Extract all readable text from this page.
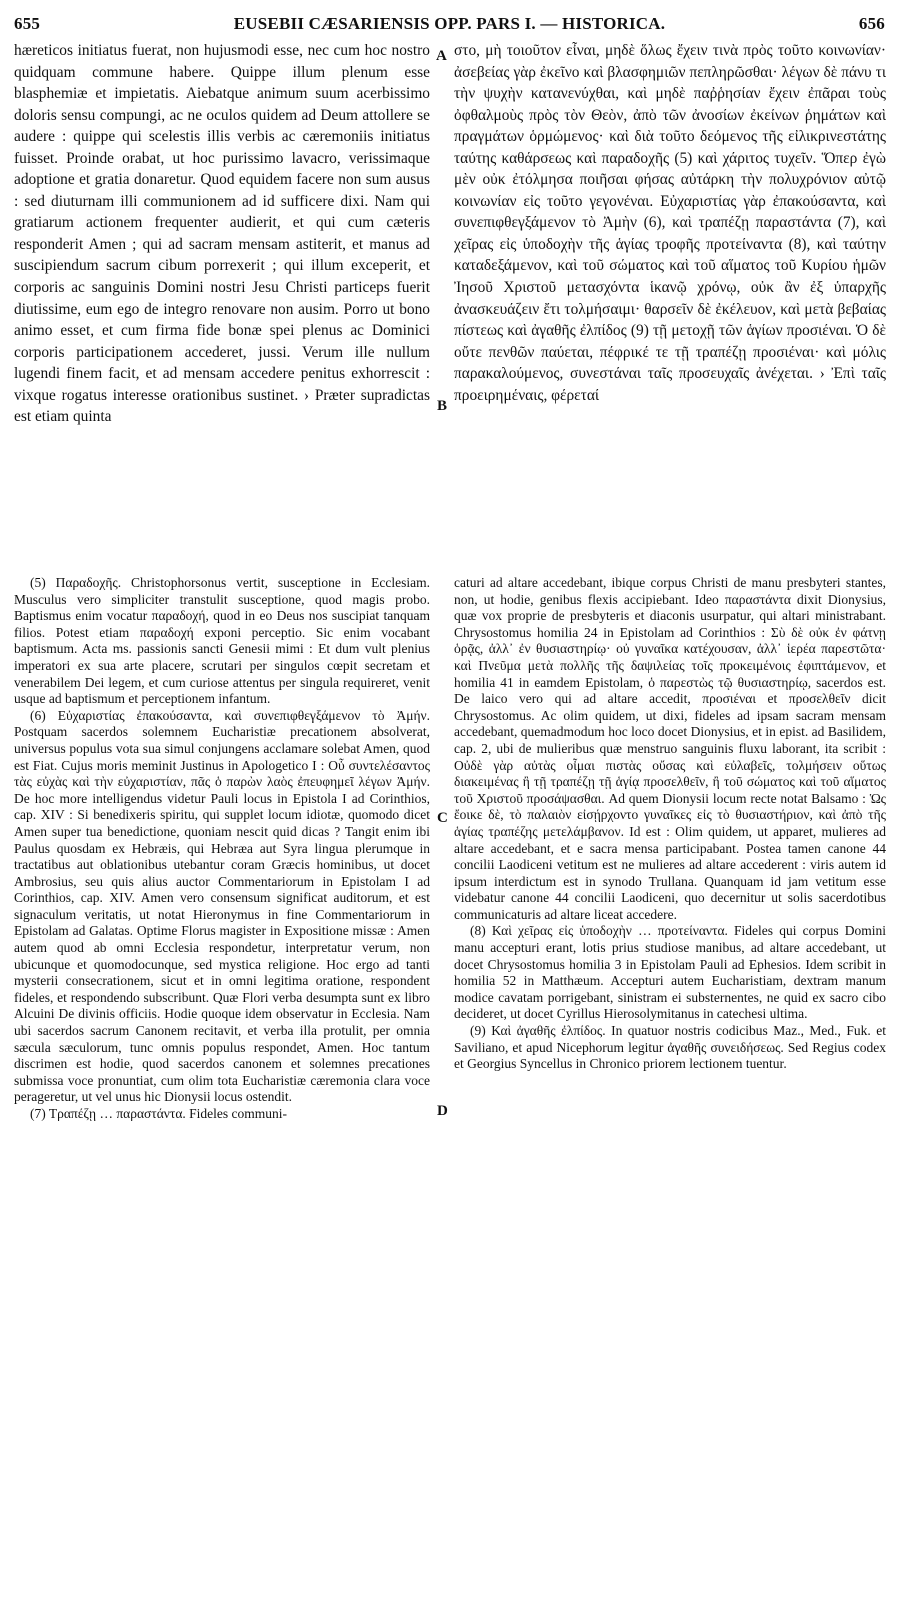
655	EUSEBII CÆSARIENSIS OPP. PARS I. — HISTORICA.	656
hæreticos initiatus fuerat, non hujusmodi esse, nec cum hoc nostro quidquam commune habere. Quippe illum plenum esse blasphemiæ et impietatis. Aiebatque animum suum acerbissimo doloris sensu compungi, ac ne oculos quidem ad Deum attollere se audere : quippe qui scelestis illis verbis ac cæremoniis initiatus fuisset. Proinde orabat, ut hoc purissimo lavacro, verissimaque adoptione et gratia donaretur. Quod equidem facere non sum ausus : sed diuturnam illi communionem ad id sufficere dixi. Nam qui gratiarum actionem frequenter audierit, et qui cum cæteris responderit Amen ; qui ad sacram mensam astiterit, et manus ad suscipiendum sacrum cibum porrexerit ; qui illum exceperit, et corporis ac sanguinis Domini nostri Jesu Christi particeps fuerit diutissime, eum ego de integro renovare non ausim. Porro ut bono animo esset, et cum firma fide bonæ spei plenus ac Dominici corporis participationem accederet, jussi. Verum ille nullum lugendi finem facit, et ad mensam accedere penitus exhorrescit : vixque rogatus interesse orationibus sustinet. › Præter supradictas est etiam quinta
στο, μὴ τοιοῦτον εἶναι, μηδὲ ὅλως ἔχειν τινὰ πρὸς τοῦτο κοινωνίαν· ἀσεβείας γὰρ ἐκεῖνο καὶ βλασφημιῶν πεπληρῶσθαι· λέγων δὲ πάνυ τι τὴν ψυχὴν κατανενύχθαι, καὶ μηδὲ παῤῥησίαν ἔχειν ἐπᾶραι τοὺς ὀφθαλμοὺς πρὸς τὸν Θεὸν, ἀπὸ τῶν ἀνοσίων ἐκείνων ῥημάτων καὶ πραγμάτων ὁρμώμενος· καὶ διὰ τοῦτο δεόμενος τῆς εἰλικρινεστάτης ταύτης καθάρσεως καὶ παραδοχῆς (5) καὶ χάριτος τυχεῖν. Ὅπερ ἐγὼ μὲν οὐκ ἐτόλμησα ποιῆσαι φήσας αὐτάρκη τὴν πολυχρόνιον αὐτῷ κοινωνίαν εἰς τοῦτο γεγονέναι. Εὐχαριστίας γὰρ ἐπακούσαντα, καὶ συνεπιφθεγξάμενον τὸ Ἀμὴν (6), καὶ τραπέζῃ παραστάντα (7), καὶ χεῖρας εἰς ὑποδοχὴν τῆς ἁγίας τροφῆς προτείναντα (8), καὶ ταύτην καταδεξάμενον, καὶ τοῦ σώματος καὶ τοῦ αἵματος τοῦ Κυρίου ἡμῶν Ἰησοῦ Χριστοῦ μετασχόντα ἱκανῷ χρόνῳ, οὐκ ἂν ἐξ ὑπαρχῆς ἀνασκευάζειν ἔτι τολμήσαιμι· θαρσεῖν δὲ ἐκέλευον, καὶ μετὰ βεβαίας πίστεως καὶ ἀγαθῆς ἐλπίδος (9) τῇ μετοχῇ τῶν ἁγίων προσιέναι. Ὁ δὲ οὔτε πενθῶν παύεται, πέφρικέ τε τῇ τραπέζῃ προσιέναι· καὶ μόλις παρακαλούμενος, συνεστάναι ταῖς προσευχαῖς ἀνέχεται. › Ἐπὶ ταῖς προειρημέναις, φέρεταί
A
B
C
D

(5) Παραδοχῆς. Christophorsonus vertit, susceptione in Ecclesiam. Musculus vero simpliciter transtulit susceptione, quod magis probo. Baptismus enim vocatur παραδοχή, quod in eo Deus nos suscipiat tanquam filios. Potest etiam παραδοχή exponi perceptio. Sic enim vocabant baptismum. Acta ms. passionis sancti Genesii mimi : Et dum vult plenius imperatori ex sua arte placere, scrutari per singulos cœpit secretam et venerabilem Dei legem, et cum curiose attentus per singula requireret, venit usque ad baptismum et perceptionem infantum.

(6) Εὐχαριστίας ἐπακούσαντα, καὶ συνεπιφθεγξάμενον τὸ Ἀμήν. Postquam sacerdos solemnem Eucharistiæ precationem absolverat, universus populus vota sua simul conjungens acclamare solebat Amen, quod est Fiat. Cujus moris meminit Justinus in Apologetico I : Οὗ συντελέσαντος τὰς εὐχὰς καὶ τὴν εὐχαριστίαν, πᾶς ὁ παρὼν λαὸς ἐπευφημεῖ λέγων Ἀμήν. De hoc more intelligendus videtur Pauli locus in Epistola I ad Corinthios, cap. XIV : Si benedixeris spiritu, qui supplet locum idiotæ, quomodo dicet Amen super tua benedictione, quoniam nescit quid dicas ? Tangit enim ibi Paulus quosdam ex Hebræis, qui Hebræa aut Syra lingua plerumque in tractatibus aut oblationibus utebantur coram Græcis hominibus, ut docet Ambrosius, seu quis alius auctor Commentariorum in Epistolam I ad Corinthios, cap. XIV. Amen vero consensum significat auditorum, et est signaculum veritatis, ut notat Hieronymus in fine Commentariorum in Epistolam ad Galatas. Optime Florus magister in Expositione missæ : Amen autem quod ab omni Ecclesia respondetur, interpretatur verum, non ubicunque et quomodocunque, sed mystica religione. Hoc ergo ad tanti mysterii consecrationem, sicut et in omni legitima oratione, respondent fideles, et respondendo subscribunt. Quæ Flori verba desumpta sunt ex libro Alcuini De divinis officiis. Hodie quoque idem observatur in Ecclesia. Nam ubi sacerdos sacrum Canonem recitavit, et verba illa protulit, per omnia sæcula sæculorum, tunc omnis populus respondet, Amen. Hoc tantum discrimen est hodie, quod sacerdos canonem et solemnes precationes submissa voce pronuntiat, cum olim tota Eucharistiæ cæremonia clara voce perageretur, ut vel unus hic Dionysii locus ostendit.

(7) Τραπέζῃ … παραστάντα. Fideles communi-

caturi ad altare accedebant, ibique corpus Christi de manu presbyteri stantes, non, ut hodie, genibus flexis accipiebant. Ideo παραστάντα dixit Dionysius, quæ vox proprie de presbyteris et diaconis usurpatur, qui altari ministrabant. Chrysostomus homilia 24 in Epistolam ad Corinthios : Σὺ δὲ οὐκ ἐν φάτνῃ ὁρᾷς, ἀλλ᾽ ἐν θυσιαστηρίῳ· οὐ γυναῖκα κατέχουσαν, ἀλλ᾽ ἱερέα παρεστῶτα· καὶ Πνεῦμα μετὰ πολλῆς τῆς δαψιλείας τοῖς προκειμένοις ἐφιπτάμενον, et homilia 41 in eamdem Epistolam, ὁ παρεστὼς τῷ θυσιαστηρίῳ, sacerdos est. De laico vero qui ad altare accedit, προσιέναι et προσελθεῖν dicit Chrysostomus. Ac olim quidem, ut dixi, fideles ad ipsam sacram mensam accedebant, quemadmodum hoc loco docet Dionysius, et in epist. ad Basilidem, cap. 2, ubi de mulieribus quæ menstruo sanguinis fluxu laborant, ita scribit : Οὐδὲ γὰρ αὐτὰς οἶμαι πιστὰς οὔσας καὶ εὐλαβεῖς, τολμήσειν οὕτως διακειμένας ἢ τῇ τραπέζῃ τῇ ἁγίᾳ προσελθεῖν, ἢ τοῦ σώματος καὶ τοῦ αἵματος τοῦ Χριστοῦ προσάψασθαι. Ad quem Dionysii locum recte notat Balsamo : Ὡς ἔοικε δὲ, τὸ παλαιὸν εἰσῄρχοντο γυναῖκες εἰς τὸ θυσιαστήριον, καὶ ἀπὸ τῆς ἁγίας τραπέζης μετελάμβανον. Id est : Olim quidem, ut apparet, mulieres ad altare accedebant, et e sacra mensa participabant. Postea tamen canone 44 concilii Laodiceni vetitum est ne mulieres ad altare accederent : viris autem id ipsum interdictum est in synodo Trullana. Quanquam id jam vetitum esse videbatur canone 44 concilii Laodiceni, quo decernitur ut solis sacerdotibus communicaturis ad altare liceat accedere.

(8) Καὶ χεῖρας εἰς ὑποδοχὴν … προτείναντα. Fideles qui corpus Domini manu accepturi erant, lotis prius studiose manibus, ad altare accedebant, ut docet Chrysostomus homilia 3 in Epistolam Pauli ad Ephesios. Idem scribit in homilia 52 in Matthæum. Accepturi autem Eucharistiam, dextram manum modice cavatam porrigebant, sinistram ei substernentes, ne quid ex sacro cibo decideret, ut docet Cyrillus Hierosolymitanus in catechesi ultima.

(9) Καὶ ἀγαθῆς ἐλπίδος. In quatuor nostris codicibus Maz., Med., Fuk. et Saviliano, et apud Nicephorum legitur ἀγαθῆς συνειδήσεως. Sed Regius codex et Georgius Syncellus in Chronico priorem lectionem tuentur.
